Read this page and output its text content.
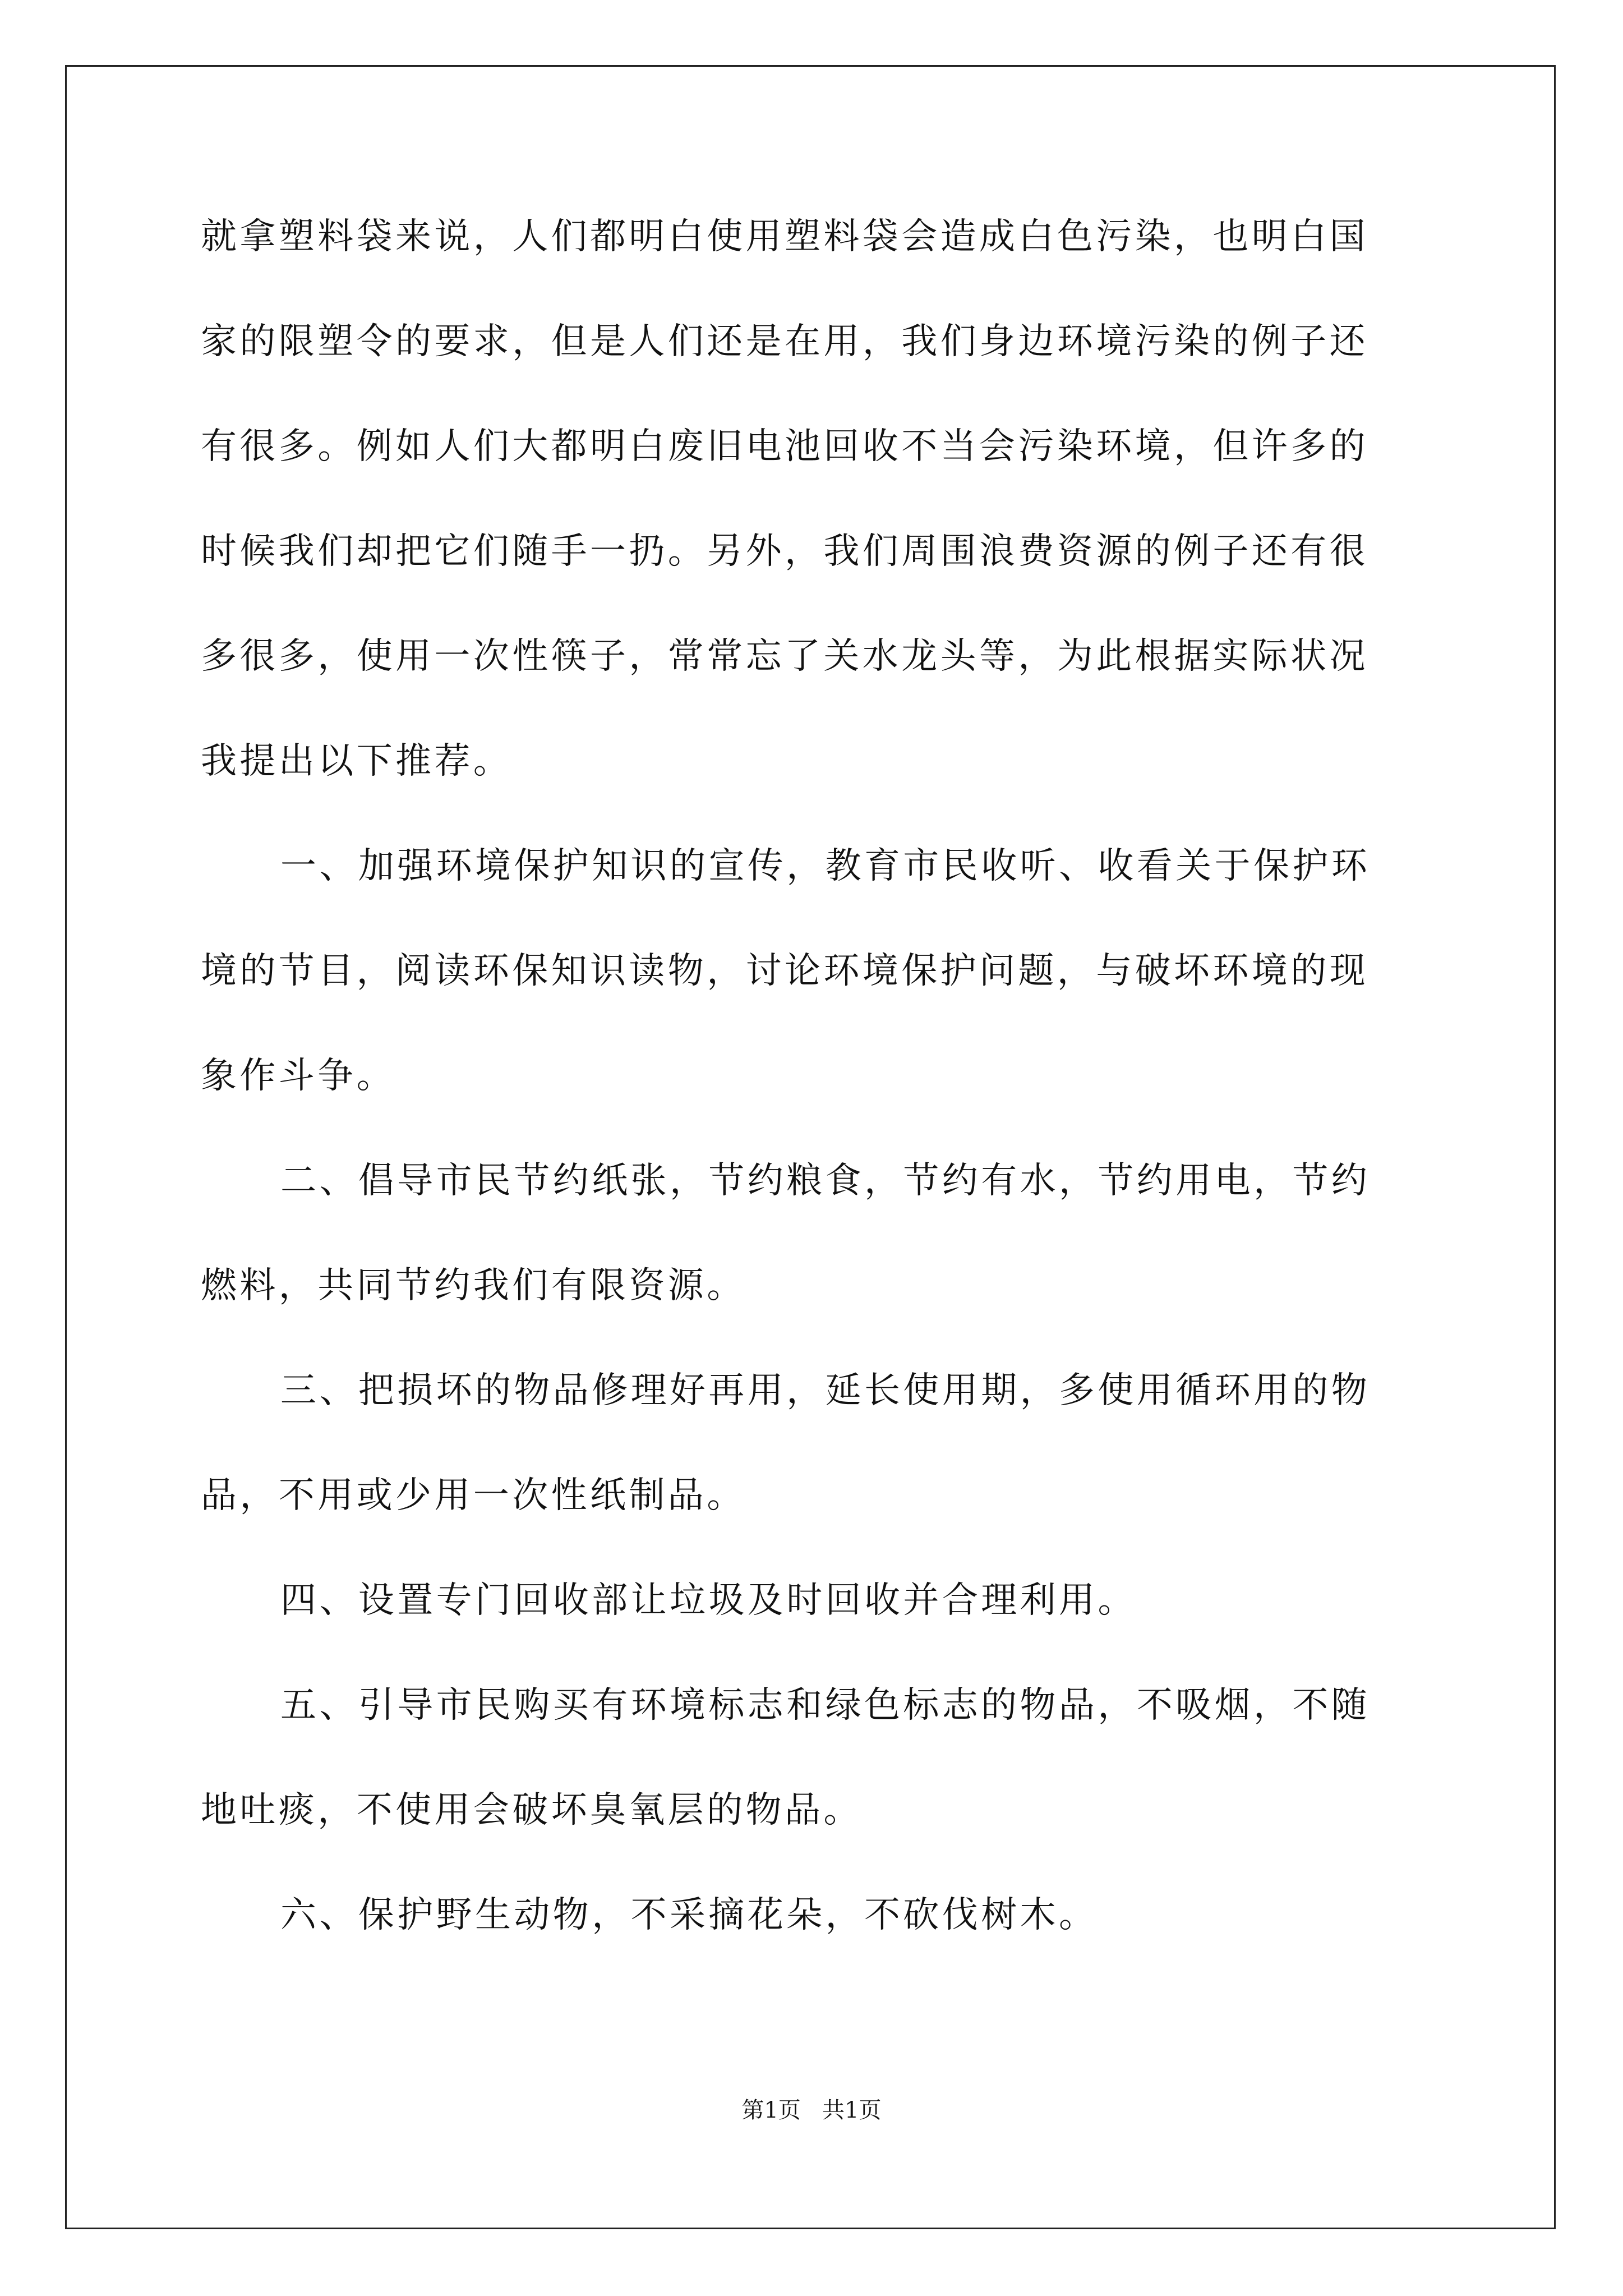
就拿塑料袋来说，人们都明白使用塑料袋会造成白色污染，也明白国
家的限塑令的要求，但是人们还是在用，我们身边环境污染的例子还
有很多。例如人们大都明白废旧电池回收不当会污染环境，但许多的
时候我们却把它们随手一扔。另外，我们周围浪费资源的例子还有很
多很多，使用一次性筷子，常常忘了关水龙头等，为此根据实际状况
我提出以下推荐。
一、加强环境保护知识的宣传，教育市民收听、收看关于保护环
境的节目，阅读环保知识读物，讨论环境保护问题，与破坏环境的现
象作斗争。
二、倡导市民节约纸张，节约粮食，节约有水，节约用电，节约
燃料，共同节约我们有限资源。
三、把损坏的物品修理好再用，延长使用期，多使用循环用的物
品，不用或少用一次性纸制品。
四、设置专门回收部让垃圾及时回收并合理利用。
五、引导市民购买有环境标志和绿色标志的物品，不吸烟，不随
地吐痰，不使用会破坏臭氧层的物品。
六、保护野生动物，不采摘花朵，不砍伐树木。
第1页   共1页
